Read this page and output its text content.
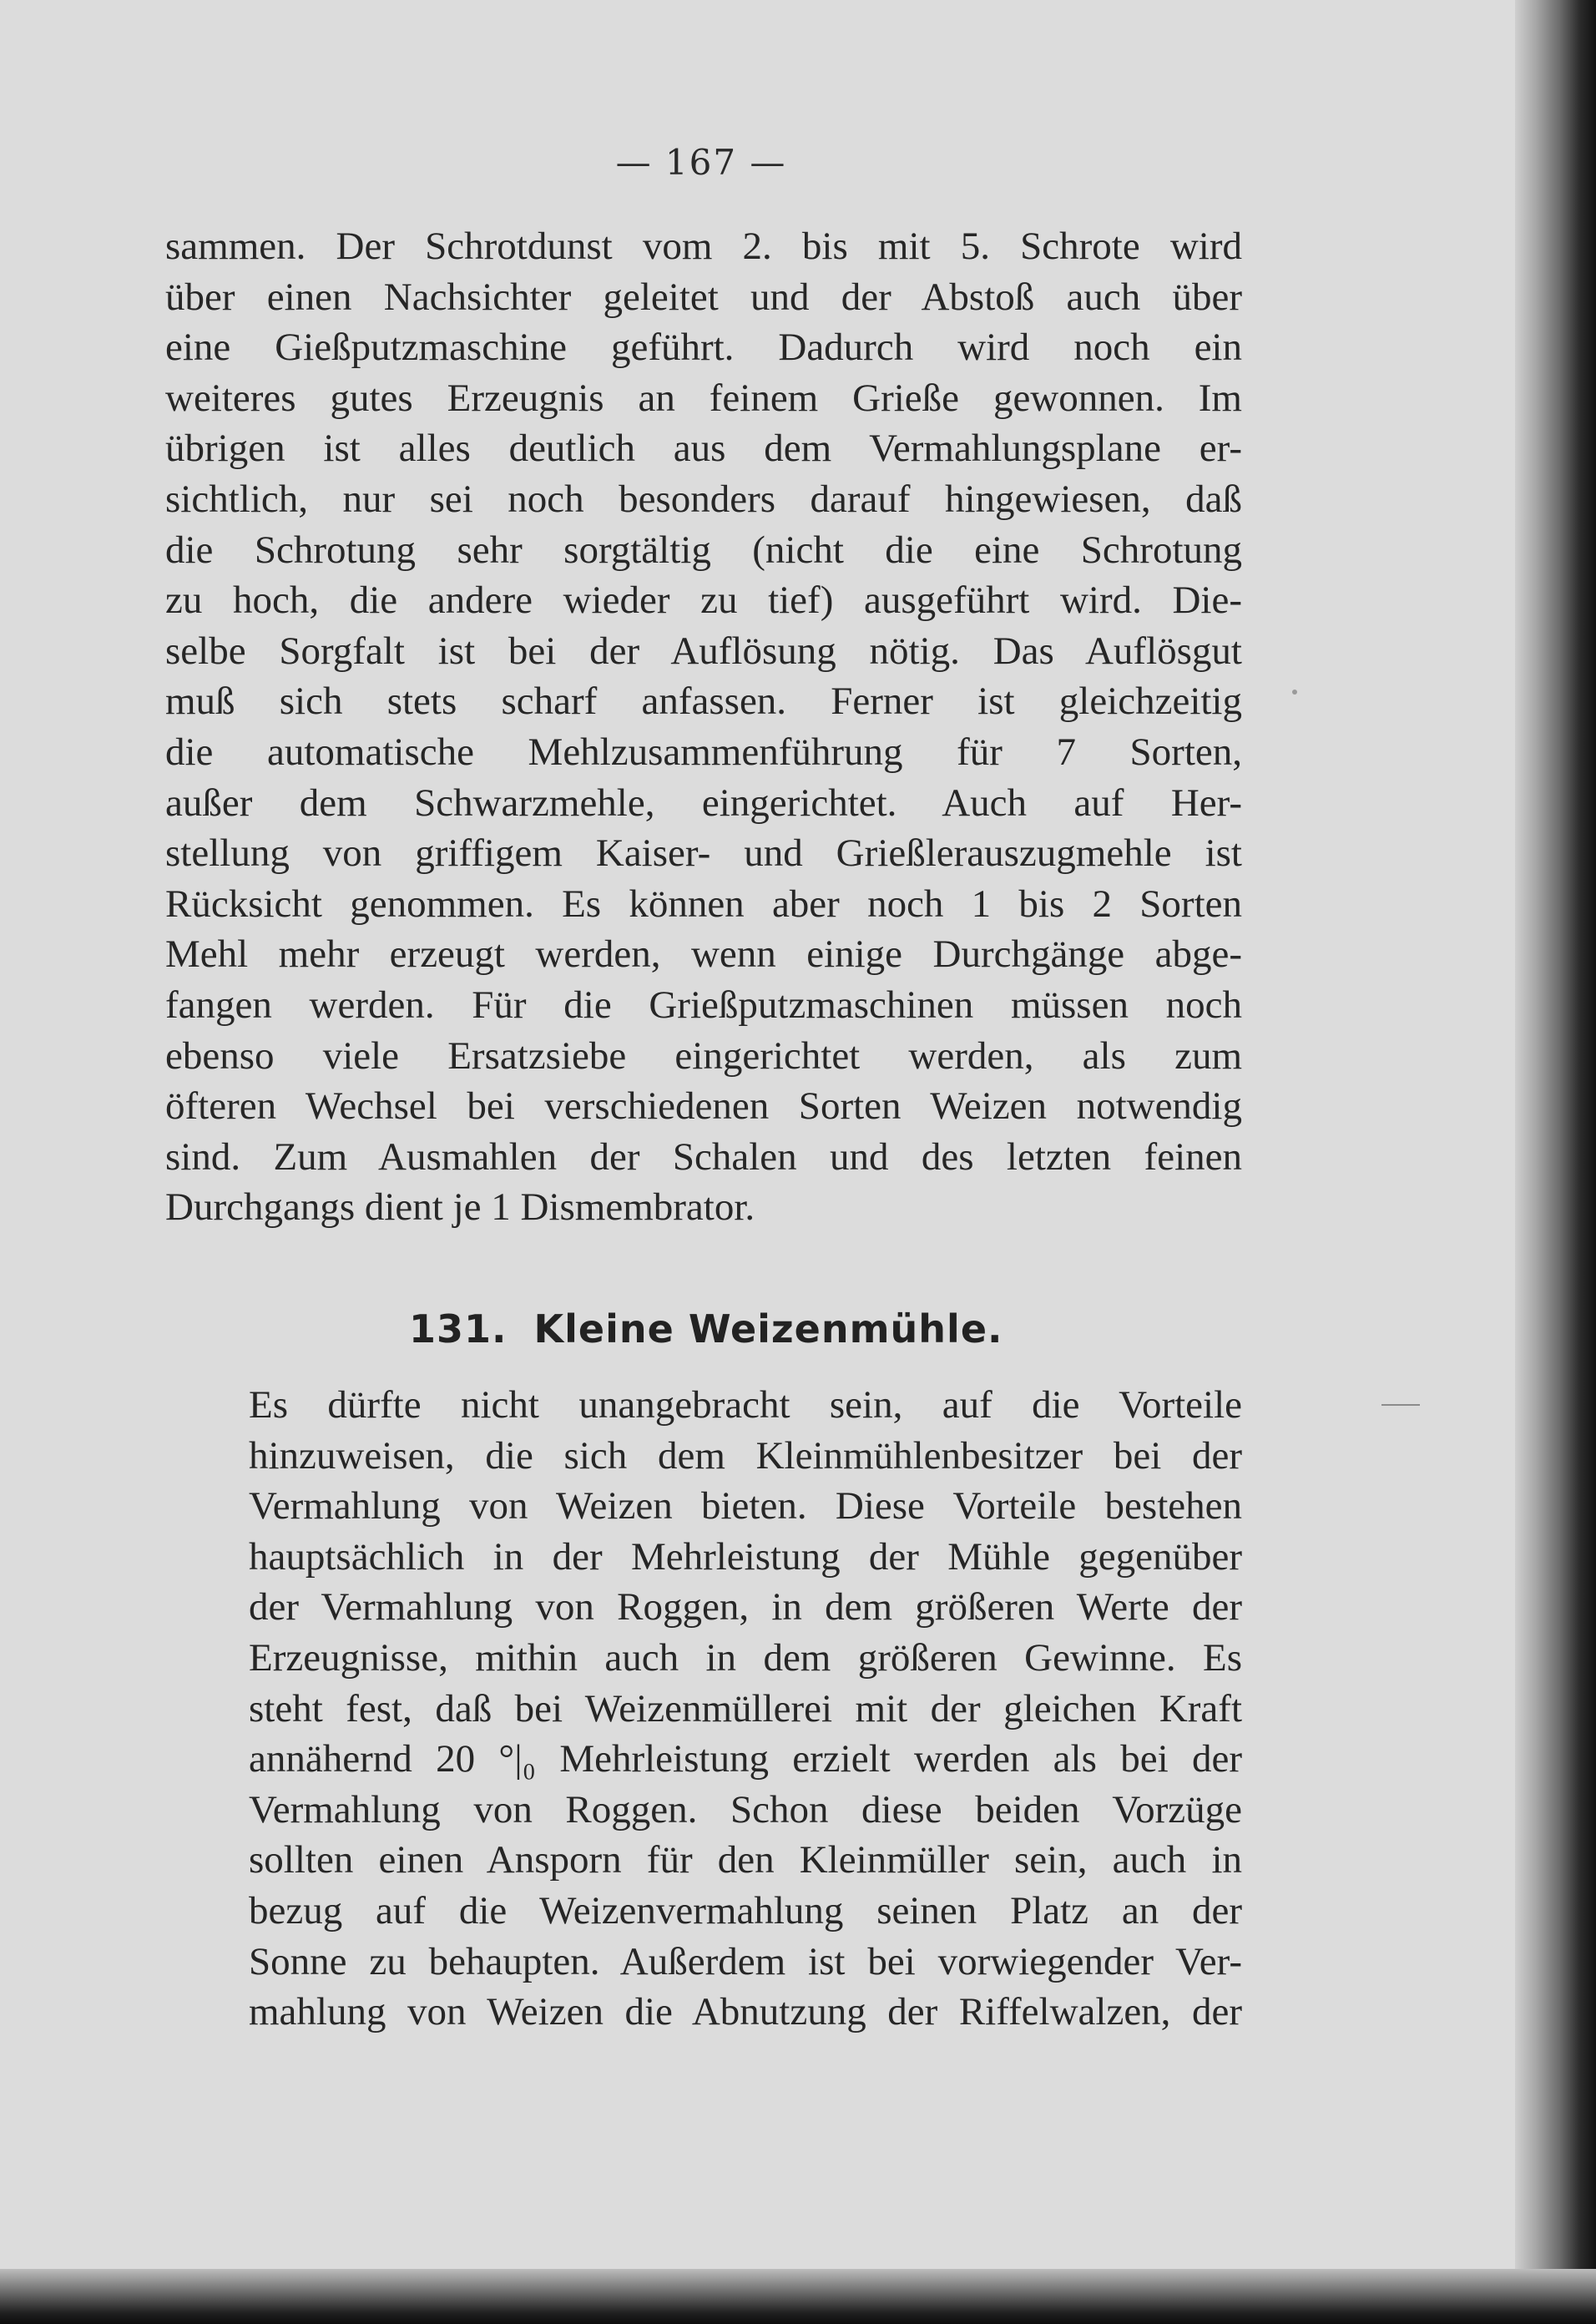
— 167 —
sammen. Der Schrotdunst vom 2. bis mit 5. Schrote wird
über einen Nachsichter geleitet und der Abstoß auch über
eine Gießputzmaschine geführt. Dadurch wird noch ein
weiteres gutes Erzeugnis an feinem Grieße gewonnen. Im
übrigen ist alles deutlich aus dem Vermahlungsplane er-
sichtlich, nur sei noch besonders darauf hingewiesen, daß
die Schrotung sehr sorgtältig (nicht die eine Schrotung
zu hoch, die andere wieder zu tief) ausgeführt wird. Die-
selbe Sorgfalt ist bei der Auflösung nötig. Das Auflösgut
muß sich stets scharf anfassen. Ferner ist gleichzeitig
die automatische Mehlzusammenführung für 7 Sorten,
außer dem Schwarzmehle, eingerichtet. Auch auf Her-
stellung von griffigem Kaiser- und Grießlerauszugmehle ist
Rücksicht genommen. Es können aber noch 1 bis 2 Sorten
Mehl mehr erzeugt werden, wenn einige Durchgänge abge-
fangen werden. Für die Grießputzmaschinen müssen noch
ebenso viele Ersatzsiebe eingerichtet werden, als zum
öfteren Wechsel bei verschiedenen Sorten Weizen notwendig
sind. Zum Ausmahlen der Schalen und des letzten feinen
Durchgangs dient je 1 Dismembrator.
131. Kleine Weizenmühle.
Es dürfte nicht unangebracht sein, auf die Vorteile
hinzuweisen, die sich dem Kleinmühlenbesitzer bei der
Vermahlung von Weizen bieten. Diese Vorteile bestehen
hauptsächlich in der Mehrleistung der Mühle gegenüber
der Vermahlung von Roggen, in dem größeren Werte der
Erzeugnisse, mithin auch in dem größeren Gewinne. Es
steht fest, daß bei Weizenmüllerei mit der gleichen Kraft
annähernd 20 °|₀ Mehrleistung erzielt werden als bei der
Vermahlung von Roggen. Schon diese beiden Vorzüge
sollten einen Ansporn für den Kleinmüller sein, auch in
bezug auf die Weizenvermahlung seinen Platz an der
Sonne zu behaupten. Außerdem ist bei vorwiegender Ver-
mahlung von Weizen die Abnutzung der Riffelwalzen, der
